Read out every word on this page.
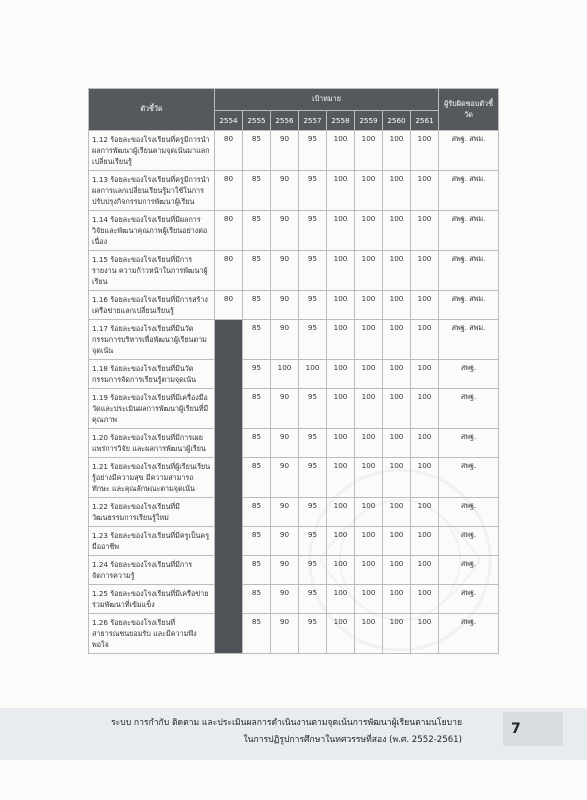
ตัวชี้วัด	เป้าหมาย								ผู้รับผิดชอบตัวชี้วัด
	2554	2555	2556	2557	2558	2559	2560	2561	
1.12 ร้อยละของโรงเรียนที่ครูมีการนำผลการพัฒนาผู้เรียนตามจุดเน้นมาแลกเปลี่ยนเรียนรู้	80	85	90	95	100	100	100	100	สพฐ. สพม.
1.13 ร้อยละของโรงเรียนที่ครูมีการนำผลการแลกเปลี่ยนเรียนรู้มาใช้ในการปรับปรุงกิจกรรมการพัฒนาผู้เรียน	80	85	90	95	100	100	100	100	สพฐ. สพม.
1.14 ร้อยละของโรงเรียนที่มีผลการวิจัยและพัฒนาคุณภาพผู้เรียนอย่างต่อเนื่อง	80	85	90	95	100	100	100	100	สพฐ. สพม.
1.15 ร้อยละของโรงเรียนที่มีการรายงาน ความก้าวหน้าในการพัฒนาผู้เรียน	80	85	90	95	100	100	100	100	สพฐ. สพม.
1.16 ร้อยละของโรงเรียนที่มีการสร้างเครือข่ายแลกเปลี่ยนเรียนรู้	80	85	90	95	100	100	100	100	สพฐ. สพม.
1.17 ร้อยละของโรงเรียนที่มีนวัตกรรมการบริหารเพื่อพัฒนาผู้เรียนตามจุดเน้น		85	90	95	100	100	100	100	สพฐ. สพม.
1.18 ร้อยละของโรงเรียนที่มีนวัตกรรมการจัดการเรียนรู้ตามจุดเน้น		95	100	100	100	100	100	100	สพฐ.
1.19 ร้อยละของโรงเรียนที่มีเครื่องมือวัดและประเมินผลการพัฒนาผู้เรียนที่มีคุณภาพ		85	90	95	100	100	100	100	สพฐ.
1.20 ร้อยละของโรงเรียนที่มีการเผยแพร่การวิจัย และผลการพัฒนาผู้เรียน		85	90	95	100	100	100	100	สพฐ.
1.21 ร้อยละของโรงเรียนที่ผู้เรียนเรียนรู้อย่างมีความสุข มีความสามารถ ทักษะ และคุณลักษณะตามจุดเน้น		85	90	95	100	100	100	100	สพฐ.
1.22 ร้อยละของโรงเรียนที่มีวัฒนธรรมการเรียนรู้ใหม่		85	90	95	100	100	100	100	สพฐ.
1.23 ร้อยละของโรงเรียนที่มีครูเป็นครูมืออาชีพ		85	90	95	100	100	100	100	สพฐ.
1.24 ร้อยละของโรงเรียนที่มีการจัดการความรู้		85	90	95	100	100	100	100	สพฐ.
1.25 ร้อยละของโรงเรียนที่มีเครือข่ายร่วมพัฒนาที่เข้มแข็ง		85	90	95	100	100	100	100	สพฐ.
1.26 ร้อยละของโรงเรียนที่สาธารณชนยอมรับ และมีความพึงพอใจ		85	90	95	100	100	100	100	สพฐ.
ระบบ การกำกับ ติดตาม และประเมินผลการดำเนินงานตามจุดเน้นการพัฒนาผู้เรียนตามนโยบาย
ในการปฏิรูปการศึกษาในทศวรรษที่สอง (พ.ศ. 2552-2561)
7
